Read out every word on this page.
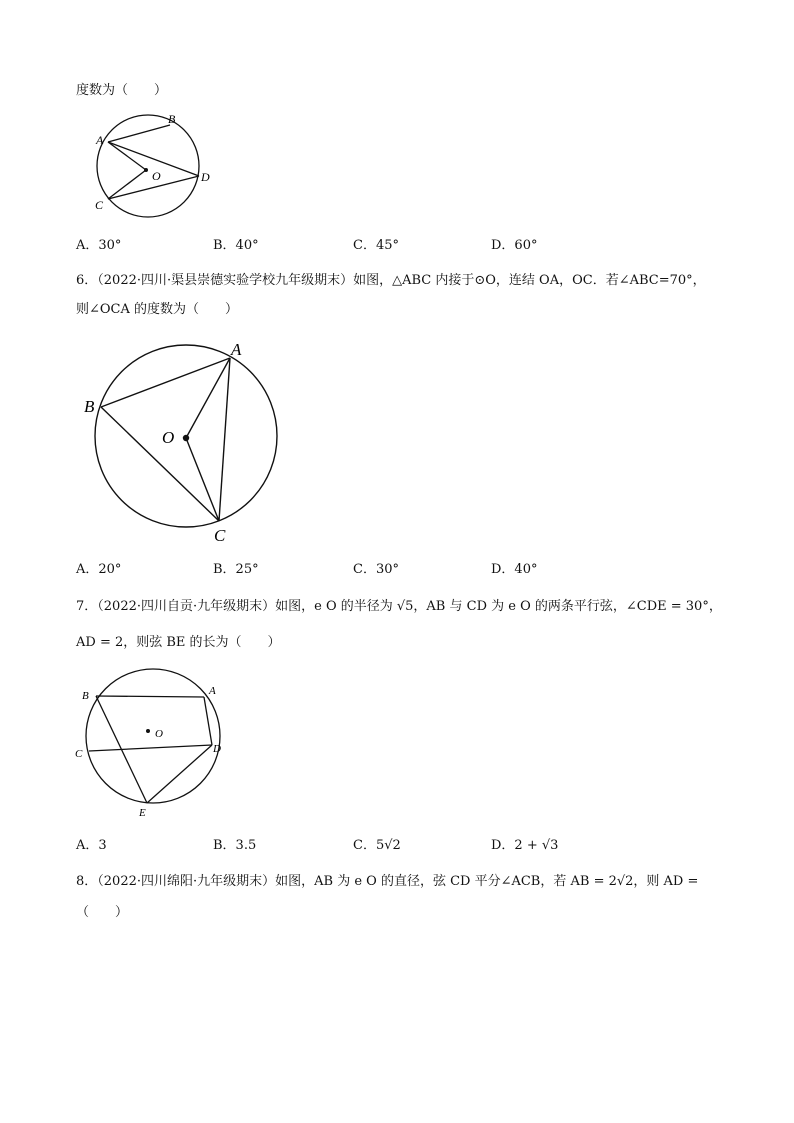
度数为（　　）
A
B
C
D
O
A．30°	B．40°	C．45°	D．60°
6．（2022·四川·渠县崇德实验学校九年级期末）如图，△ABC 内接于⊙O，连结 OA，OC．若∠ABC=70°，
则∠OCA 的度数为（　　）
A
B
C
O
A．20°	B．25°	C．30°	D．40°
7．（2022·四川自贡·九年级期末）如图，e O 的半径为 √5，AB 与 CD 为 e O 的两条平行弦，∠CDE = 30°，
AD = 2，则弦 BE 的长为（　　）
B	A
C	D
E
O
A．3	B．3.5	C．5√2	D．2 + √3
8．（2022·四川绵阳·九年级期末）如图，AB 为 e O 的直径，弦 CD 平分∠ACB，若 AB = 2√2，则 AD =
（　　）
